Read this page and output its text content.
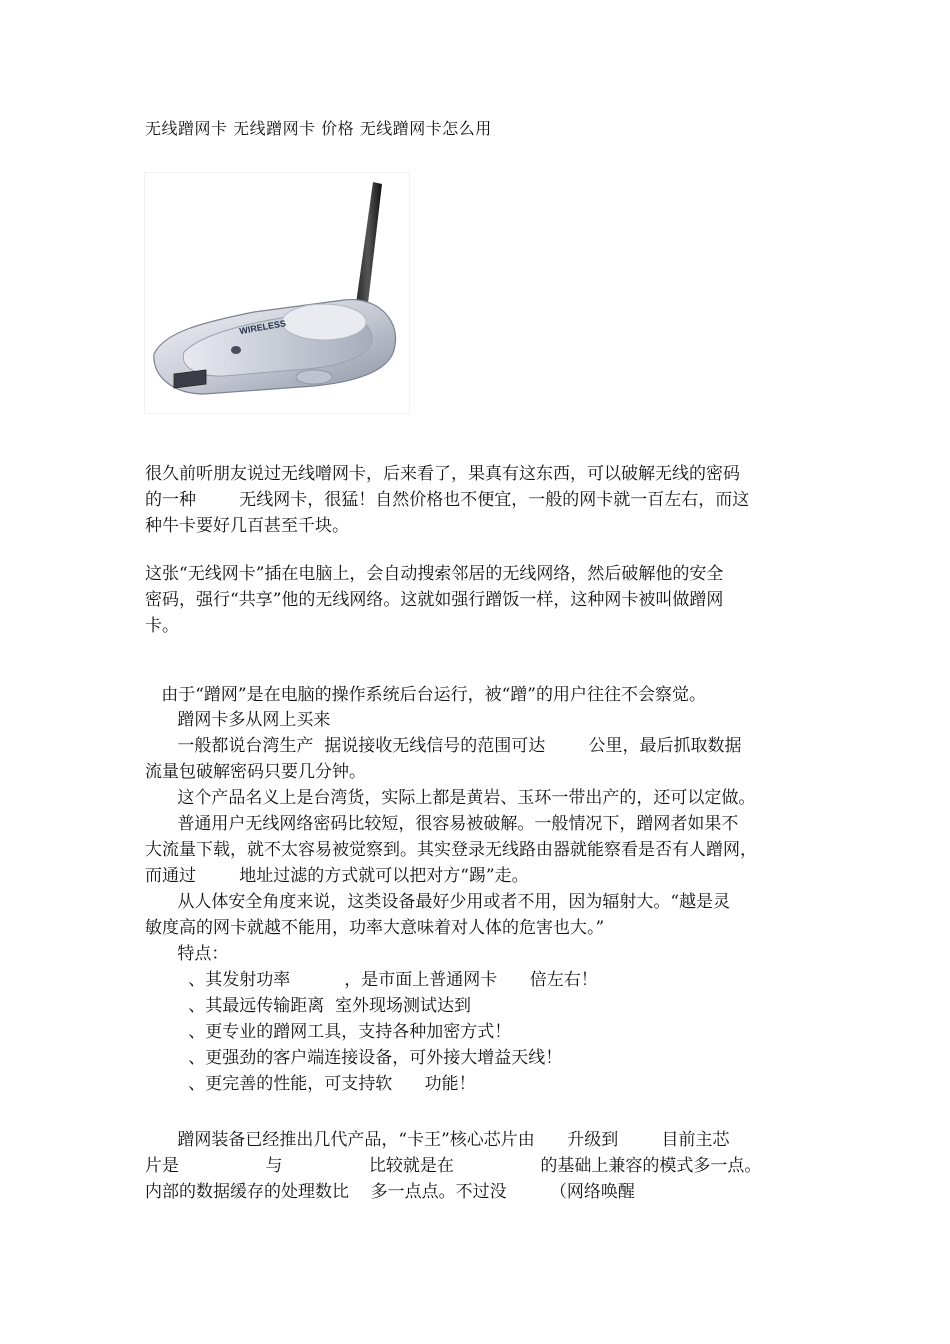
无线蹭网卡 无线蹭网卡 价格 无线蹭网卡怎么用
WIRELESS
很久前听朋友说过无线噌网卡，后来看了，果真有这东西，可以破解无线的密码
的一种        无线网卡，很猛！自然价格也不便宜，一般的网卡就一百左右，而这
种牛卡要好几百甚至千块。
这张“无线网卡”插在电脑上，会自动搜索邻居的无线网络，然后破解他的安全
密码，强行“共享”他的无线网络。这就如强行蹭饭一样，这种网卡被叫做蹭网
卡。
由于“蹭网”是在电脑的操作系统后台运行，被“蹭”的用户往往不会察觉。
蹭网卡多从网上买来
一般都说台湾生产  据说接收无线信号的范围可达        公里，最后抓取数据
流量包破解密码只要几分钟。
这个产品名义上是台湾货，实际上都是黄岩、玉环一带出产的，还可以定做。
普通用户无线网络密码比较短，很容易被破解。一般情况下，蹭网者如果不
大流量下载，就不太容易被觉察到。其实登录无线路由器就能察看是否有人蹭网，
而通过        地址过滤的方式就可以把对方“踢”走。
从人体安全角度来说，这类设备最好少用或者不用，因为辐射大。“越是灵
敏度高的网卡就越不能用，功率大意味着对人体的危害也大。”
特点：
、其发射功率          ，是市面上普通网卡      倍左右！
、其最远传输距离  室外现场测试达到
、更专业的蹭网工具，支持各种加密方式！
、更强劲的客户端连接设备，可外接大增益天线！
、更完善的性能，可支持软      功能！
蹭网装备已经推出几代产品，“卡王”核心芯片由      升级到        目前主芯
片是                与                比较就是在                的基础上兼容的模式多一点。
内部的数据缓存的处理数比    多一点点。不过没        （网络唤醒
